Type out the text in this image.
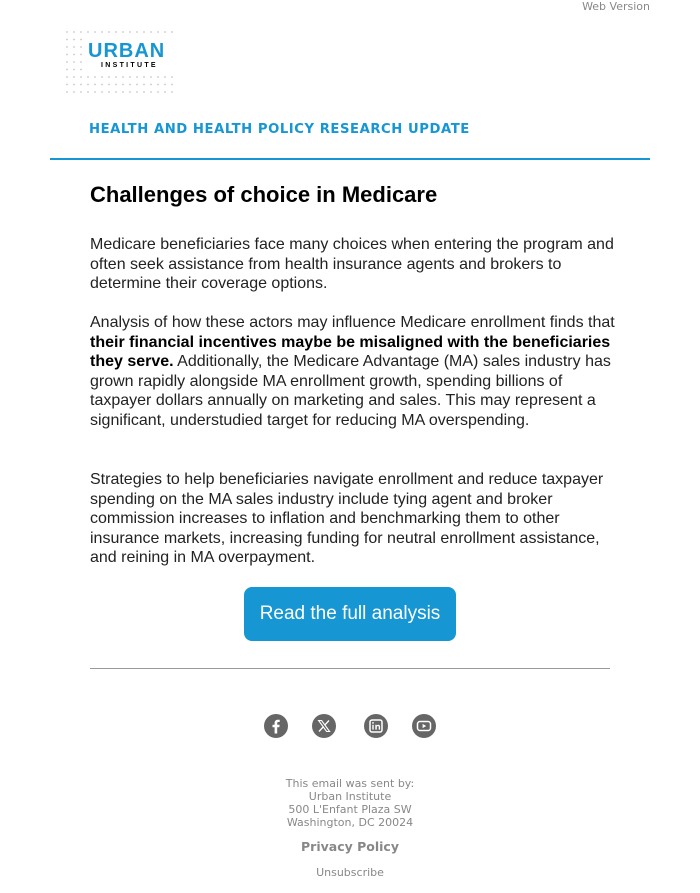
Web Version
URBAN
INSTITUTE
HEALTH AND HEALTH POLICY RESEARCH UPDATE
Challenges of choice in Medicare

Medicare beneficiaries face many choices when entering the program and often seek assistance from health insurance agents and brokers to determine their coverage options.

Analysis of how these actors may influence Medicare enrollment finds that their financial incentives maybe be misaligned with the beneficiaries they serve. Additionally, the Medicare Advantage (MA) sales industry has grown rapidly alongside MA enrollment growth, spending billions of taxpayer dollars annually on marketing and sales. This may represent a significant, understudied target for reducing MA overspending.

Strategies to help beneficiaries navigate enrollment and reduce taxpayer spending on the MA sales industry include tying agent and broker commission increases to inflation and benchmarking them to other insurance markets, increasing funding for neutral enrollment assistance, and reining in MA overpayment.

Read the full analysis
This email was sent by:
Urban Institute
500 L'Enfant Plaza SW
Washington, DC 20024
Privacy Policy
Unsubscribe
